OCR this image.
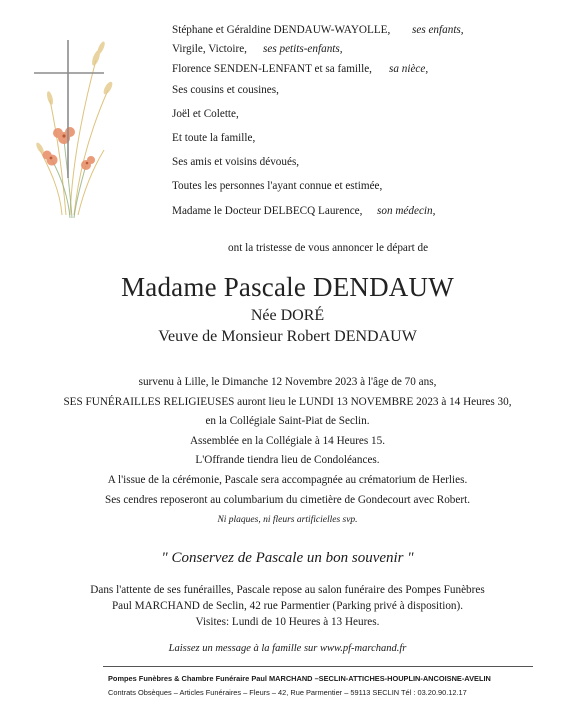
Stéphane et Géraldine DENDAUW-WAYOLLE, ses enfants,
Virgile, Victoire, ses petits-enfants,
Florence SENDEN-LENFANT et sa famille, sa nièce,
Ses cousins et cousines,
Joël et Colette,
Et toute la famille,
Ses amis et voisins dévoués,
Toutes les personnes l'ayant connue et estimée,
Madame le Docteur DELBECQ Laurence, son médecin,
ont la tristesse de vous annoncer le départ de
Madame Pascale DENDAUW
Née DORÉ
Veuve de Monsieur Robert DENDAUW
survenu à Lille, le Dimanche 12 Novembre 2023 à l'âge de 70 ans,
SES FUNÉRAILLES RELIGIEUSES auront lieu le LUNDI 13 NOVEMBRE 2023 à 14 Heures 30,
en la Collégiale Saint-Piat de Seclin.
Assemblée en la Collégiale à 14 Heures 15.
L'Offrande tiendra lieu de Condoléances.
A l'issue de la cérémonie, Pascale sera accompagnée au crématorium de Herlies.
Ses cendres reposeront au columbarium du cimetière de Gondecourt avec Robert.
Ni plaques, ni fleurs artificielles svp.
" Conservez de Pascale un bon souvenir "
Dans l'attente de ses funérailles, Pascale repose au salon funéraire des Pompes Funèbres
Paul MARCHAND de Seclin, 42 rue Parmentier (Parking privé à disposition).
Visites: Lundi de 10 Heures à 13 Heures.
Laissez un message à la famille sur www.pf-marchand.fr
Pompes Funèbres & Chambre Funéraire Paul MARCHAND –SECLIN-ATTICHES-HOUPLIN-ANCOISNE-AVELIN
Contrats Obsèques – Articles Funéraires – Fleurs – 42, Rue Parmentier – 59113 SECLIN Tél : 03.20.90.12.17
